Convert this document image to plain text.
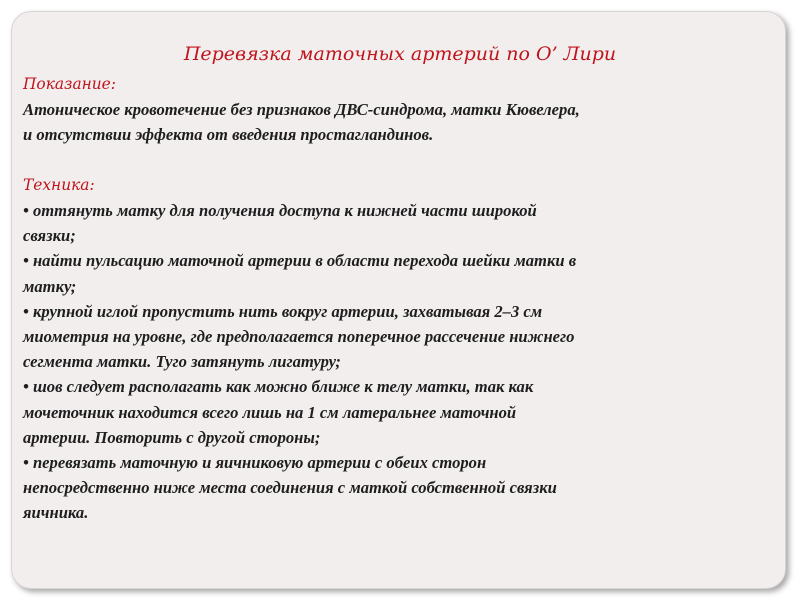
Перевязка маточных артерий по О’ Лири
Показание:
Атоническое кровотечение без признаков ДВС-синдрома, матки Кювелера,
и отсутствии эффекта от введения простагландинов.
Техника:
• оттянуть матку для получения доступа к нижней части широкой
связки;
• найти пульсацию маточной артерии в области перехода шейки матки в
матку;
• крупной иглой пропустить нить вокруг артерии, захватывая 2–3 см
миометрия на уровне, где предполагается поперечное рассечение нижнего
сегмента матки. Туго затянуть лигатуру;
• шов следует располагать как можно ближе к телу матки, так как
мочеточник находится всего лишь на 1 см латеральнее маточной
артерии. Повторить с другой стороны;
• перевязать маточную и яичниковую артерии с обеих сторон
непосредственно ниже места соединения с маткой собственной связки
яичника.
